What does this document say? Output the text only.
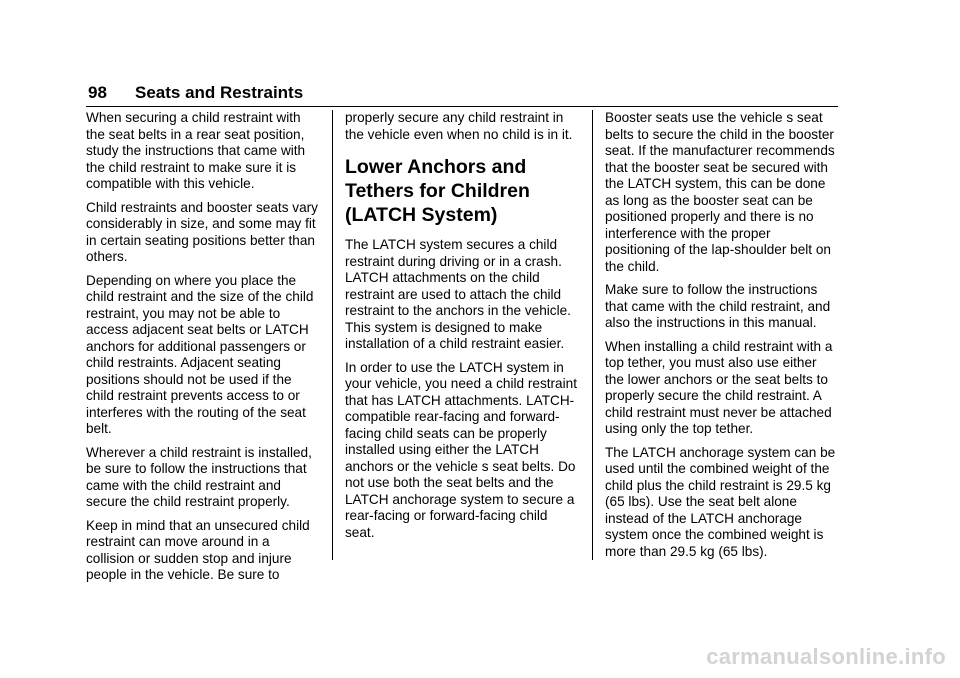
98 Seats and Restraints

When securing a child restraint with the seat belts in a rear seat position, study the instructions that came with the child restraint to make sure it is compatible with this vehicle.

Child restraints and booster seats vary considerably in size, and some may fit in certain seating positions better than others.

Depending on where you place the child restraint and the size of the child restraint, you may not be able to access adjacent seat belts or LATCH anchors for additional passengers or child restraints. Adjacent seating positions should not be used if the child restraint prevents access to or interferes with the routing of the seat belt.

Wherever a child restraint is installed, be sure to follow the instructions that came with the child restraint and secure the child restraint properly.

Keep in mind that an unsecured child restraint can move around in a collision or sudden stop and injure people in the vehicle. Be sure to

properly secure any child restraint in the vehicle even when no child is in it.

Lower Anchors and Tethers for Children (LATCH System)

The LATCH system secures a child restraint during driving or in a crash. LATCH attachments on the child restraint are used to attach the child restraint to the anchors in the vehicle. This system is designed to make installation of a child restraint easier.

In order to use the LATCH system in your vehicle, you need a child restraint that has LATCH attachments. LATCH-compatible rear-facing and forward-facing child seats can be properly installed using either the LATCH anchors or the vehicle s seat belts. Do not use both the seat belts and the LATCH anchorage system to secure a rear-facing or forward-facing child seat.

Booster seats use the vehicle s seat belts to secure the child in the booster seat. If the manufacturer recommends that the booster seat be secured with the LATCH system, this can be done as long as the booster seat can be positioned properly and there is no interference with the proper positioning of the lap-shoulder belt on the child.

Make sure to follow the instructions that came with the child restraint, and also the instructions in this manual.

When installing a child restraint with a top tether, you must also use either the lower anchors or the seat belts to properly secure the child restraint. A child restraint must never be attached using only the top tether.

The LATCH anchorage system can be used until the combined weight of the child plus the child restraint is 29.5 kg (65 lbs). Use the seat belt alone instead of the LATCH anchorage system once the combined weight is more than 29.5 kg (65 lbs).

carmanualsonline.info
